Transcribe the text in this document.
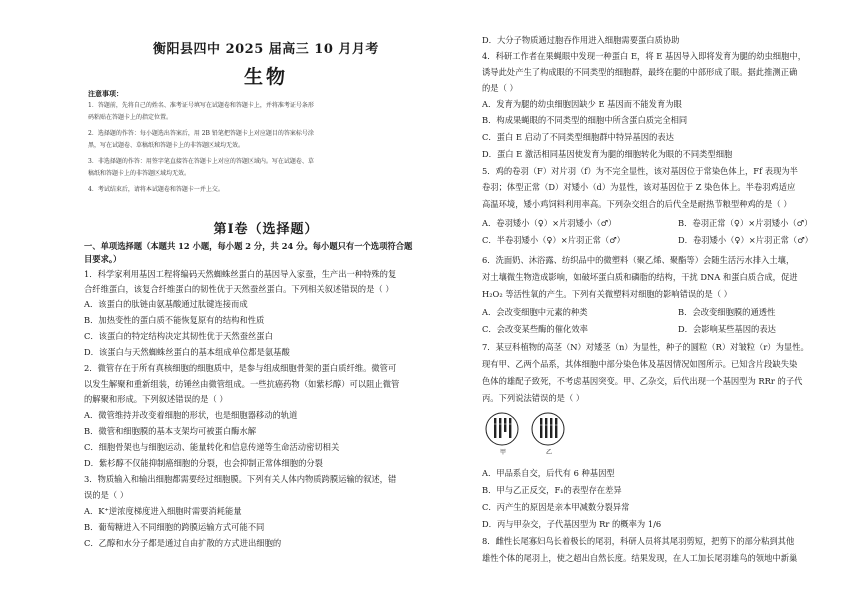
衡阳县四中 2025 届高三 10 月月考
生物
注意事项：
1．答题前，先将自己的姓名、准考证号填写在试题卷和答题卡上，并将准考证号条形
码粘贴在答题卡上的指定位置。
2．选择题的作答：每小题选出答案后，用 2B 铅笔把答题卡上对应题目的答案标号涂
黑，写在试题卷、草稿纸和答题卡上的非答题区域均无效。
3．非选择题的作答：用签字笔直接答在答题卡上对应的答题区域内。写在试题卷、草
稿纸和答题卡上的非答题区域均无效。
4．考试结束后，请将本试题卷和答题卡一并上交。
第Ⅰ卷（选择题）
一、单项选择题（本题共 12 小题，每小题 2 分，共 24 分。每小题只有一个选项符合题
目要求。）
1．科学家利用基因工程将编码天然蜘蛛丝蛋白的基因导入家蚕，生产出一种特殊的复
合纤维蛋白，该复合纤维蛋白的韧性优于天然蚕丝蛋白。下列相关叙述错误的是（ ）
A．该蛋白的肽链由氨基酸通过肽键连接而成
B．加热变性的蛋白质不能恢复原有的结构和性质
C．该蛋白的特定结构决定其韧性优于天然蚕丝蛋白
D．该蛋白与天然蜘蛛丝蛋白的基本组成单位都是氨基酸
2．微管存在于所有真核细胞的细胞质中，是参与组成细胞骨架的蛋白质纤维。微管可
以发生解聚和重新组装，纺锤丝由微管组成。一些抗癌药物（如紫杉醇）可以阻止微管
的解聚和形成。下列叙述错误的是（ ）
A．微管维持并改变着细胞的形状，也是细胞器移动的轨道
B．微管和细胞膜的基本支架均可被蛋白酶水解
C．细胞骨架也与细胞运动、能量转化和信息传递等生命活动密切相关
D．紫杉醇不仅能抑制癌细胞的分裂，也会抑制正常体细胞的分裂
3．物质输入和输出细胞都需要经过细胞膜。下列有关人体内物质跨膜运输的叙述，错
误的是（ ）
A．K⁺逆浓度梯度进入细胞时需要消耗能量
B．葡萄糖进入不同细胞的跨膜运输方式可能不同
C．乙醇和水分子都是通过自由扩散的方式进出细胞的
D．大分子物质通过胞吞作用进入细胞需要蛋白质协助
4．科研工作者在果蝇眼中发现一种蛋白 E，将 E 基因导入即将发育为腿的幼虫细胞中，
诱导此处产生了构成眼的不同类型的细胞群，最终在腿的中部形成了眼。据此推测正确
的是（ ）
A．发育为腿的幼虫细胞因缺少 E 基因而不能发育为眼
B．构成果蝇眼的不同类型的细胞中所含蛋白质完全相同
C．蛋白 E 启动了不同类型细胞群中特异基因的表达
D．蛋白 E 激活相同基因使发育为腿的细胞转化为眼的不同类型细胞
5．鸡的卷羽（F）对片羽（f）为不完全显性，该对基因位于常染色体上，Ff 表现为半
卷羽；体型正常（D）对矮小（d）为显性，该对基因位于 Z 染色体上。半卷羽鸡适应
高温环境，矮小鸡饲料利用率高。下列杂交组合的后代全是耐热节粮型种鸡的是（ ）
A．卷羽矮小（♀）×片羽矮小（♂）	B．卷羽正常（♀）×片羽矮小（♂）
C．半卷羽矮小（♀）×片羽正常（♂）	D．卷羽矮小（♀）×片羽正常（♂）
6．洗面奶、沐浴露、纺织品中的微塑料（聚乙烯、聚酯等）会随生活污水排入土壤，
对土壤微生物造成影响，如破坏蛋白质和磷脂的结构，干扰 DNA 和蛋白质合成，促进
H₂O₂ 等活性氧的产生。下列有关微塑料对细胞的影响错误的是（ ）
A．会改变细胞中元素的种类	B．会改变细胞膜的通透性
C．会改变某些酶的催化效率	D．会影响某些基因的表达
7．某豆科植物的高茎（N）对矮茎（n）为显性，种子的圆粒（R）对皱粒（r）为显性。
现有甲、乙两个品系，其体细胞中部分染色体及基因情况如图所示。已知含片段缺失染
色体的雄配子致死，不考虑基因突变。甲、乙杂交，后代出现一个基因型为 RRr 的子代
丙。下列说法错误的是（ ）
甲	乙
A．甲品系自交，后代有 6 种基因型
B．甲与乙正反交，F₁的表型存在差异
C．丙产生的原因是亲本甲减数分裂异常
D．丙与甲杂交，子代基因型为 Rr 的概率为 1/6
8．雌性长尾寡妇鸟长着极长的尾羽，科研人员将其尾羽剪短，把剪下的部分粘到其他
雄性个体的尾羽上，使之超出自然长度。结果发现，在人工加长尾羽雄鸟的领地中新巢
